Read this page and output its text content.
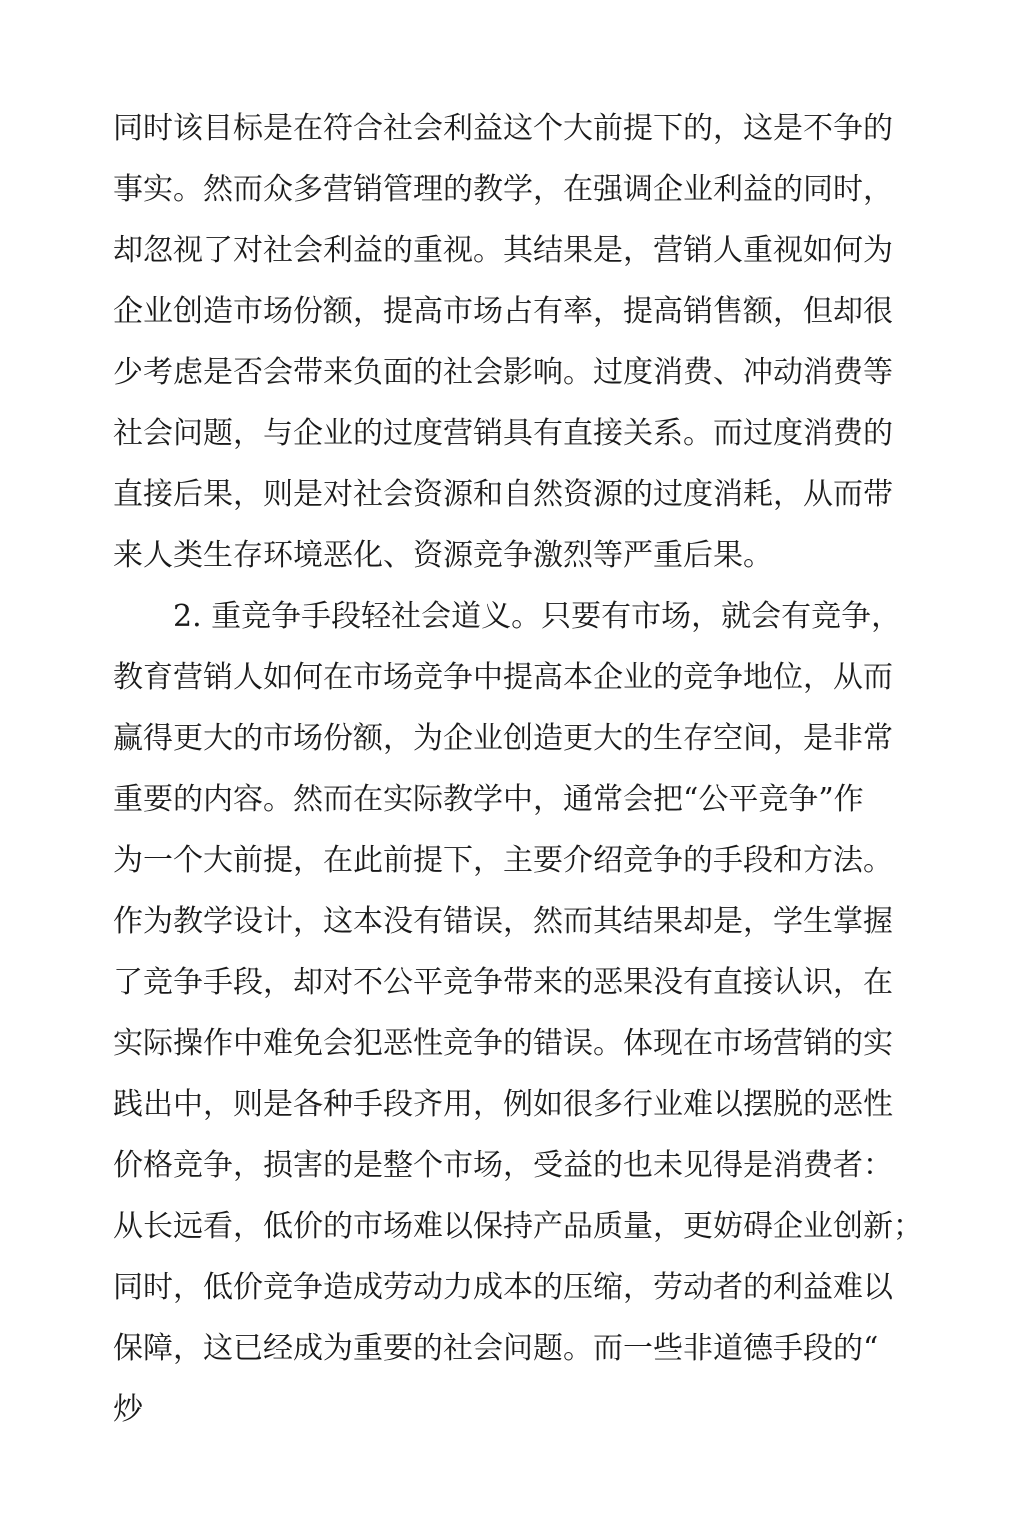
同时该目标是在符合社会利益这个大前提下的，这是不争的
事实。然而众多营销管理的教学，在强调企业利益的同时，
却忽视了对社会利益的重视。其结果是，营销人重视如何为
企业创造市场份额，提高市场占有率，提高销售额，但却很
少考虑是否会带来负面的社会影响。过度消费、冲动消费等
社会问题，与企业的过度营销具有直接关系。而过度消费的
直接后果，则是对社会资源和自然资源的过度消耗，从而带
来人类生存环境恶化、资源竞争激烈等严重后果。
2. 重竞争手段轻社会道义。只要有市场，就会有竞争，
教育营销人如何在市场竞争中提高本企业的竞争地位，从而
赢得更大的市场份额，为企业创造更大的生存空间，是非常
重要的内容。然而在实际教学中，通常会把“公平竞争”作
为一个大前提，在此前提下，主要介绍竞争的手段和方法。
作为教学设计，这本没有错误，然而其结果却是，学生掌握
了竞争手段，却对不公平竞争带来的恶果没有直接认识，在
实际操作中难免会犯恶性竞争的错误。体现在市场营销的实
践出中，则是各种手段齐用，例如很多行业难以摆脱的恶性
价格竞争，损害的是整个市场，受益的也未见得是消费者：
从长远看，低价的市场难以保持产品质量，更妨碍企业创新；
同时，低价竞争造成劳动力成本的压缩，劳动者的利益难以
保障，这已经成为重要的社会问题。而一些非道德手段的“
炒
